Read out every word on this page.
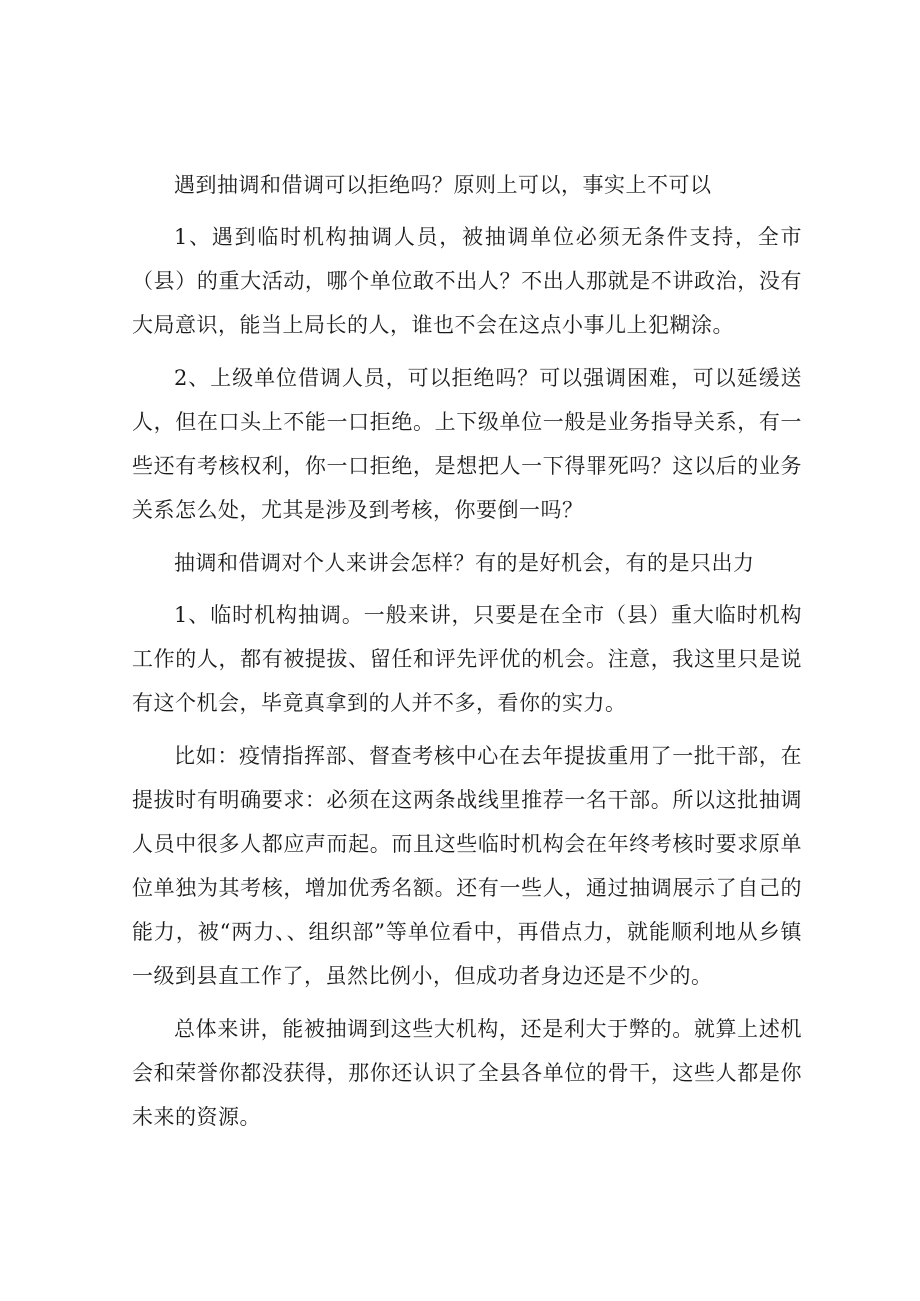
遇到抽调和借调可以拒绝吗？原则上可以，事实上不可以

1、遇到临时机构抽调人员，被抽调单位必须无条件支持，全市（县）的重大活动，哪个单位敢不出人？不出人那就是不讲政治，没有大局意识，能当上局长的人，谁也不会在这点小事儿上犯糊涂。

2、上级单位借调人员，可以拒绝吗？可以强调困难，可以延缓送人，但在口头上不能一口拒绝。上下级单位一般是业务指导关系，有一些还有考核权利，你一口拒绝，是想把人一下得罪死吗？这以后的业务关系怎么处，尤其是涉及到考核，你要倒一吗？

抽调和借调对个人来讲会怎样？有的是好机会，有的是只出力

1、临时机构抽调。一般来讲，只要是在全市（县）重大临时机构工作的人，都有被提拔、留任和评先评优的机会。注意，我这里只是说有这个机会，毕竟真拿到的人并不多，看你的实力。

比如：疫情指挥部、督查考核中心在去年提拔重用了一批干部，在提拔时有明确要求：必须在这两条战线里推荐一名干部。所以这批抽调人员中很多人都应声而起。而且这些临时机构会在年终考核时要求原单位单独为其考核，增加优秀名额。还有一些人，通过抽调展示了自己的能力，被“两力、、组织部”等单位看中，再借点力，就能顺利地从乡镇一级到县直工作了，虽然比例小，但成功者身边还是不少的。

总体来讲，能被抽调到这些大机构，还是利大于弊的。就算上述机会和荣誉你都没获得，那你还认识了全县各单位的骨干，这些人都是你未来的资源。
